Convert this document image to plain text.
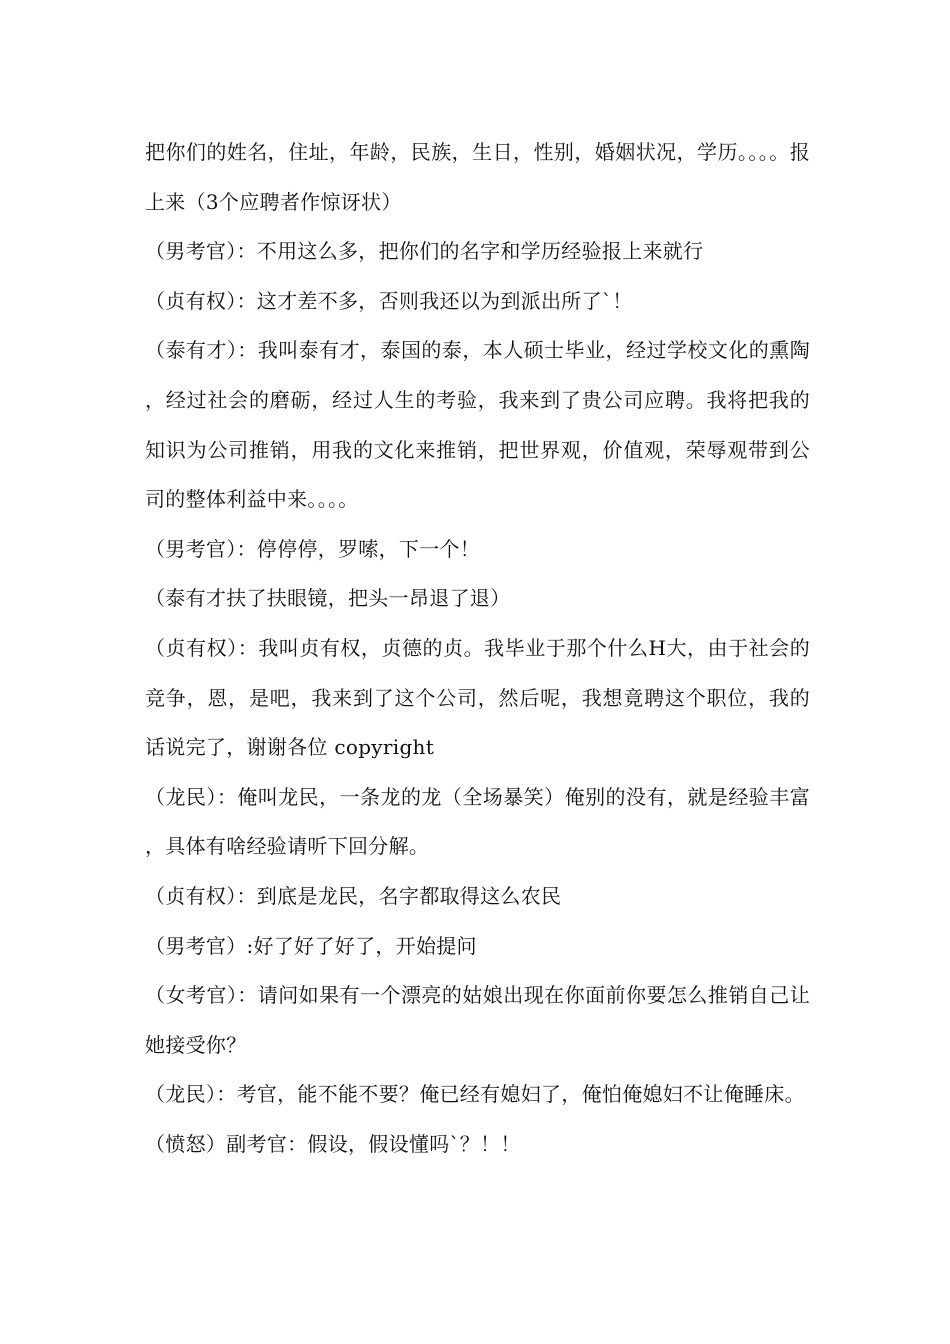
把你们的姓名，住址，年龄，民族，生日，性别，婚姻状况，学历。。。。报上来（3个应聘者作惊讶状）

（男考官）：不用这么多，把你们的名字和学历经验报上来就行

（贞有权）：这才差不多，否则我还以为到派出所了`！

（泰有才）：我叫泰有才，泰国的泰，本人硕士毕业，经过学校文化的熏陶，经过社会的磨砺，经过人生的考验，我来到了贵公司应聘。我将把我的知识为公司推销，用我的文化来推销，把世界观，价值观，荣辱观带到公司的整体利益中来。。。。

（男考官）：停停停，罗嗦，下一个！

（泰有才扶了扶眼镜，把头一昂退了退）

（贞有权）：我叫贞有权，贞德的贞。我毕业于那个什么H大，由于社会的竞争，恩，是吧，我来到了这个公司，然后呢，我想竟聘这个职位，我的话说完了，谢谢各位 copyright

（龙民）：俺叫龙民，一条龙的龙（全场暴笑）俺别的没有，就是经验丰富，具体有啥经验请听下回分解。

（贞有权）：到底是龙民，名字都取得这么农民

（男考官）:好了好了好了，开始提问

（女考官）：请问如果有一个漂亮的姑娘出现在你面前你要怎么推销自己让她接受你？

（龙民）：考官，能不能不要？俺已经有媳妇了，俺怕俺媳妇不让俺睡床。

（愤怒）副考官：假设，假设懂吗`？！！
